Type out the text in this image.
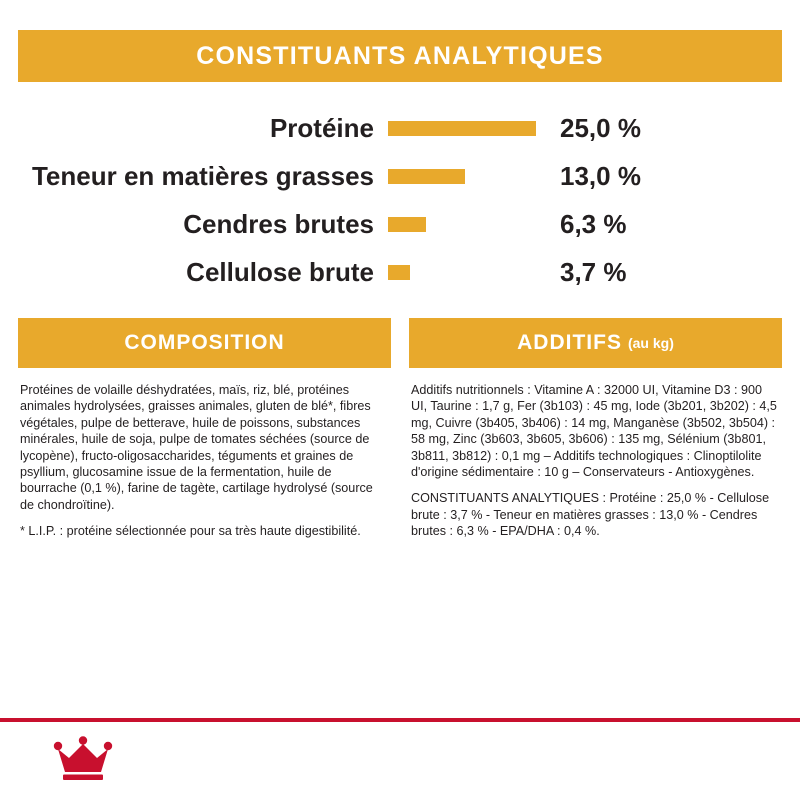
CONSTITUANTS ANALYTIQUES
Protéine	25,0 %
Teneur en matières grasses	13,0 %
Cendres brutes	6,3 %
Cellulose brute	3,7 %
COMPOSITION

Protéines de volaille déshydratées, maïs, riz, blé, protéines animales hydrolysées, graisses animales, gluten de blé*, fibres végétales, pulpe de betterave, huile de poissons, substances minérales, huile de soja, pulpe de tomates séchées (source de lycopène), fructo-oligosaccharides, téguments et graines de psyllium, glucosamine issue de la fermentation, huile de bourrache (0,1 %), farine de tagète, cartilage hydrolysé (source de chondroïtine).

* L.I.P. : protéine sélectionnée pour sa très haute digestibilité.

ADDITIFS (au kg)

Additifs nutritionnels : Vitamine A : 32000 UI, Vitamine D3 : 900 UI, Taurine : 1,7 g, Fer (3b103) : 45 mg, Iode (3b201, 3b202) : 4,5 mg, Cuivre (3b405, 3b406) : 14 mg, Manganèse (3b502, 3b504) : 58 mg, Zinc (3b603, 3b605, 3b606) : 135 mg, Sélénium (3b801, 3b811, 3b812) : 0,1 mg – Additifs technologiques : Clinoptilolite d'origine sédimentaire : 10 g – Conservateurs - Antioxygènes.

CONSTITUANTS ANALYTIQUES : Protéine : 25,0 % - Cellulose brute : 3,7 % - Teneur en matières grasses : 13,0 % - Cendres brutes : 6,3 % - EPA/DHA : 0,4 %.
